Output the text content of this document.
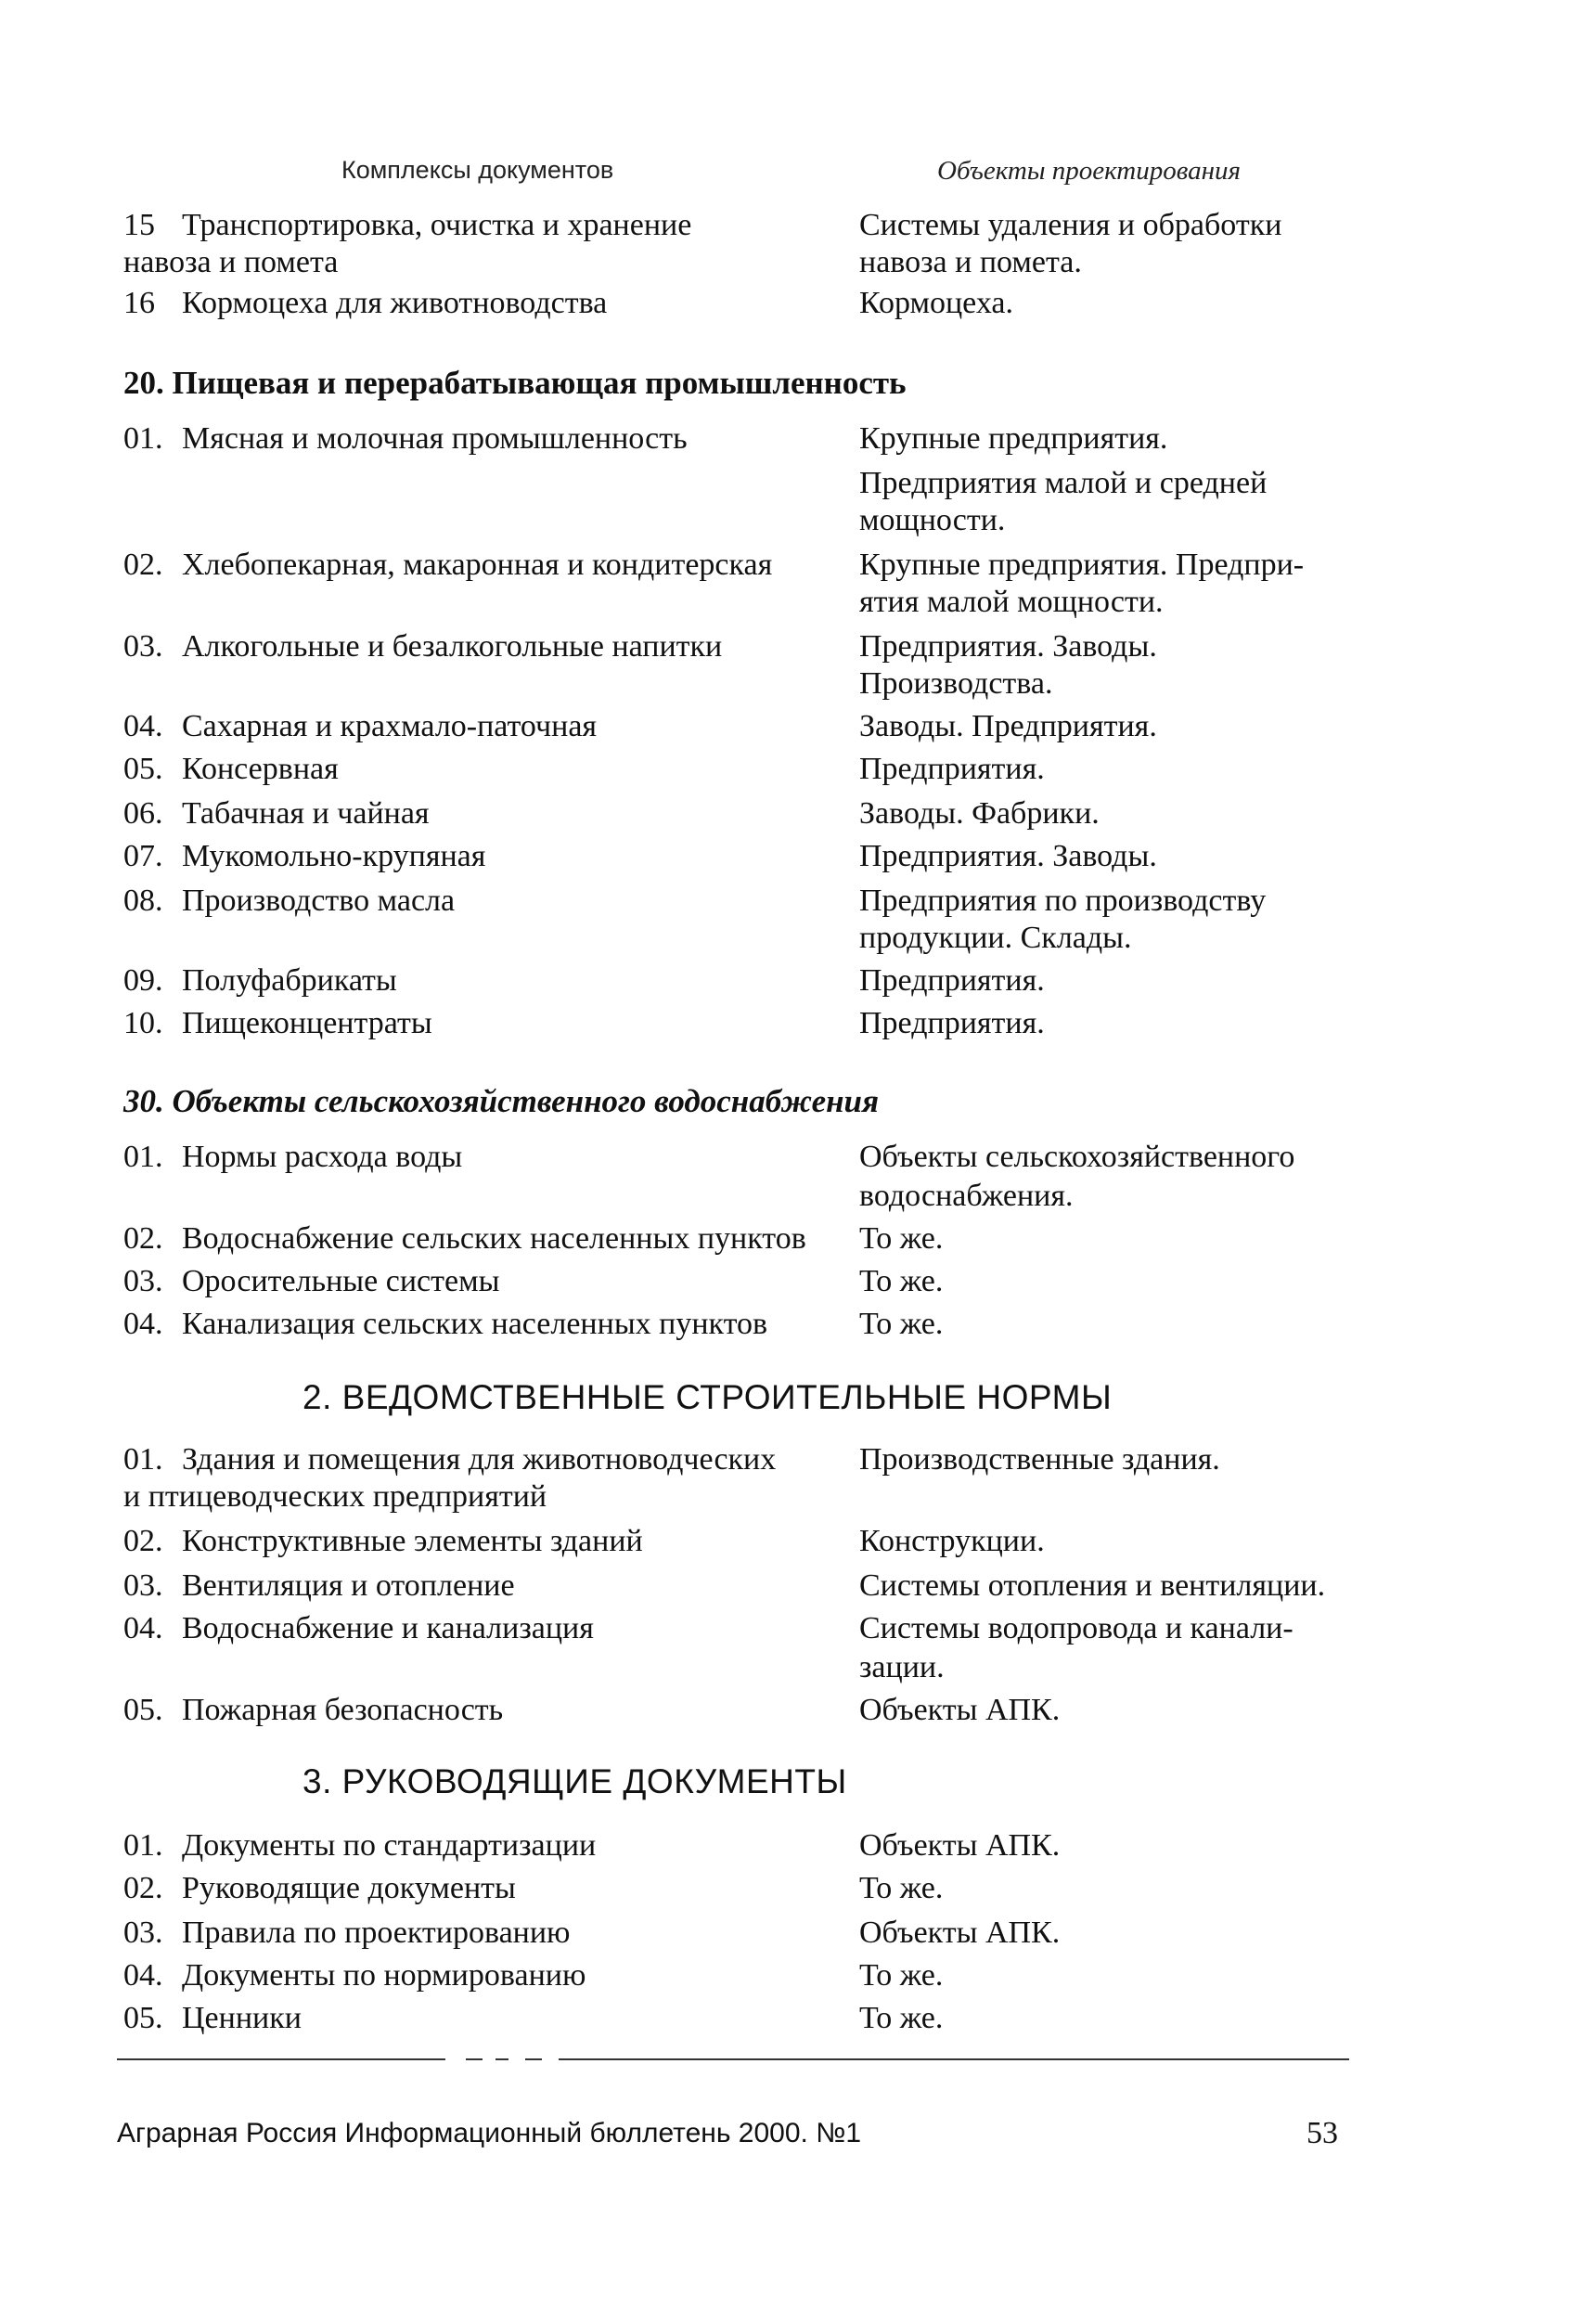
Комплексы документов	Объекты проектирования
15 Транспортировка, очистка и хранение	Системы удаления и обработки
навоза и помета	навоза и помета.
16 Кормоцеха для животноводства	Кормоцеха.
20. Пищевая и перерабатывающая промышленность
01. Мясная и молочная промышленность	Крупные предприятия.
Предприятия малой и средней
мощности.
02. Хлебопекарная, макаронная и кондитерская	Крупные предприятия. Предпри-
ятия малой мощности.
03. Алкогольные и безалкогольные напитки	Предприятия. Заводы.
Производства.
04. Сахарная и крахмало-паточная	Заводы. Предприятия.
05. Консервная	Предприятия.
06. Табачная и чайная	Заводы. Фабрики.
07. Мукомольно-крупяная	Предприятия. Заводы.
08. Производство масла	Предприятия по производству
продукции. Склады.
09. Полуфабрикаты	Предприятия.
10. Пищеконцентраты	Предприятия.
30. Объекты сельскохозяйственного водоснабжения
01. Нормы расхода воды	Объекты сельскохозяйственного
водоснабжения.
02. Водоснабжение сельских населенных пунктов	То же.
03. Оросительные системы	То же.
04. Канализация сельских населенных пунктов	То же.
2. ВЕДОМСТВЕННЫЕ СТРОИТЕЛЬНЫЕ НОРМЫ
01. Здания и помещения для животноводческих	Производственные здания.
и птицеводческих предприятий
02. Конструктивные элементы зданий	Конструкции.
03. Вентиляция и отопление	Системы отопления и вентиляции.
04. Водоснабжение и канализация	Системы водопровода и канали-
зации.
05. Пожарная безопасность	Объекты АПК.
3. РУКОВОДЯЩИЕ ДОКУМЕНТЫ
01. Документы по стандартизации	Объекты АПК.
02. Руководящие документы	То же.
03. Правила по проектированию	Объекты АПК.
04. Документы по нормированию	То же.
05. Ценники	То же.
Аграрная Россия Информационный бюллетень 2000. №1	53
